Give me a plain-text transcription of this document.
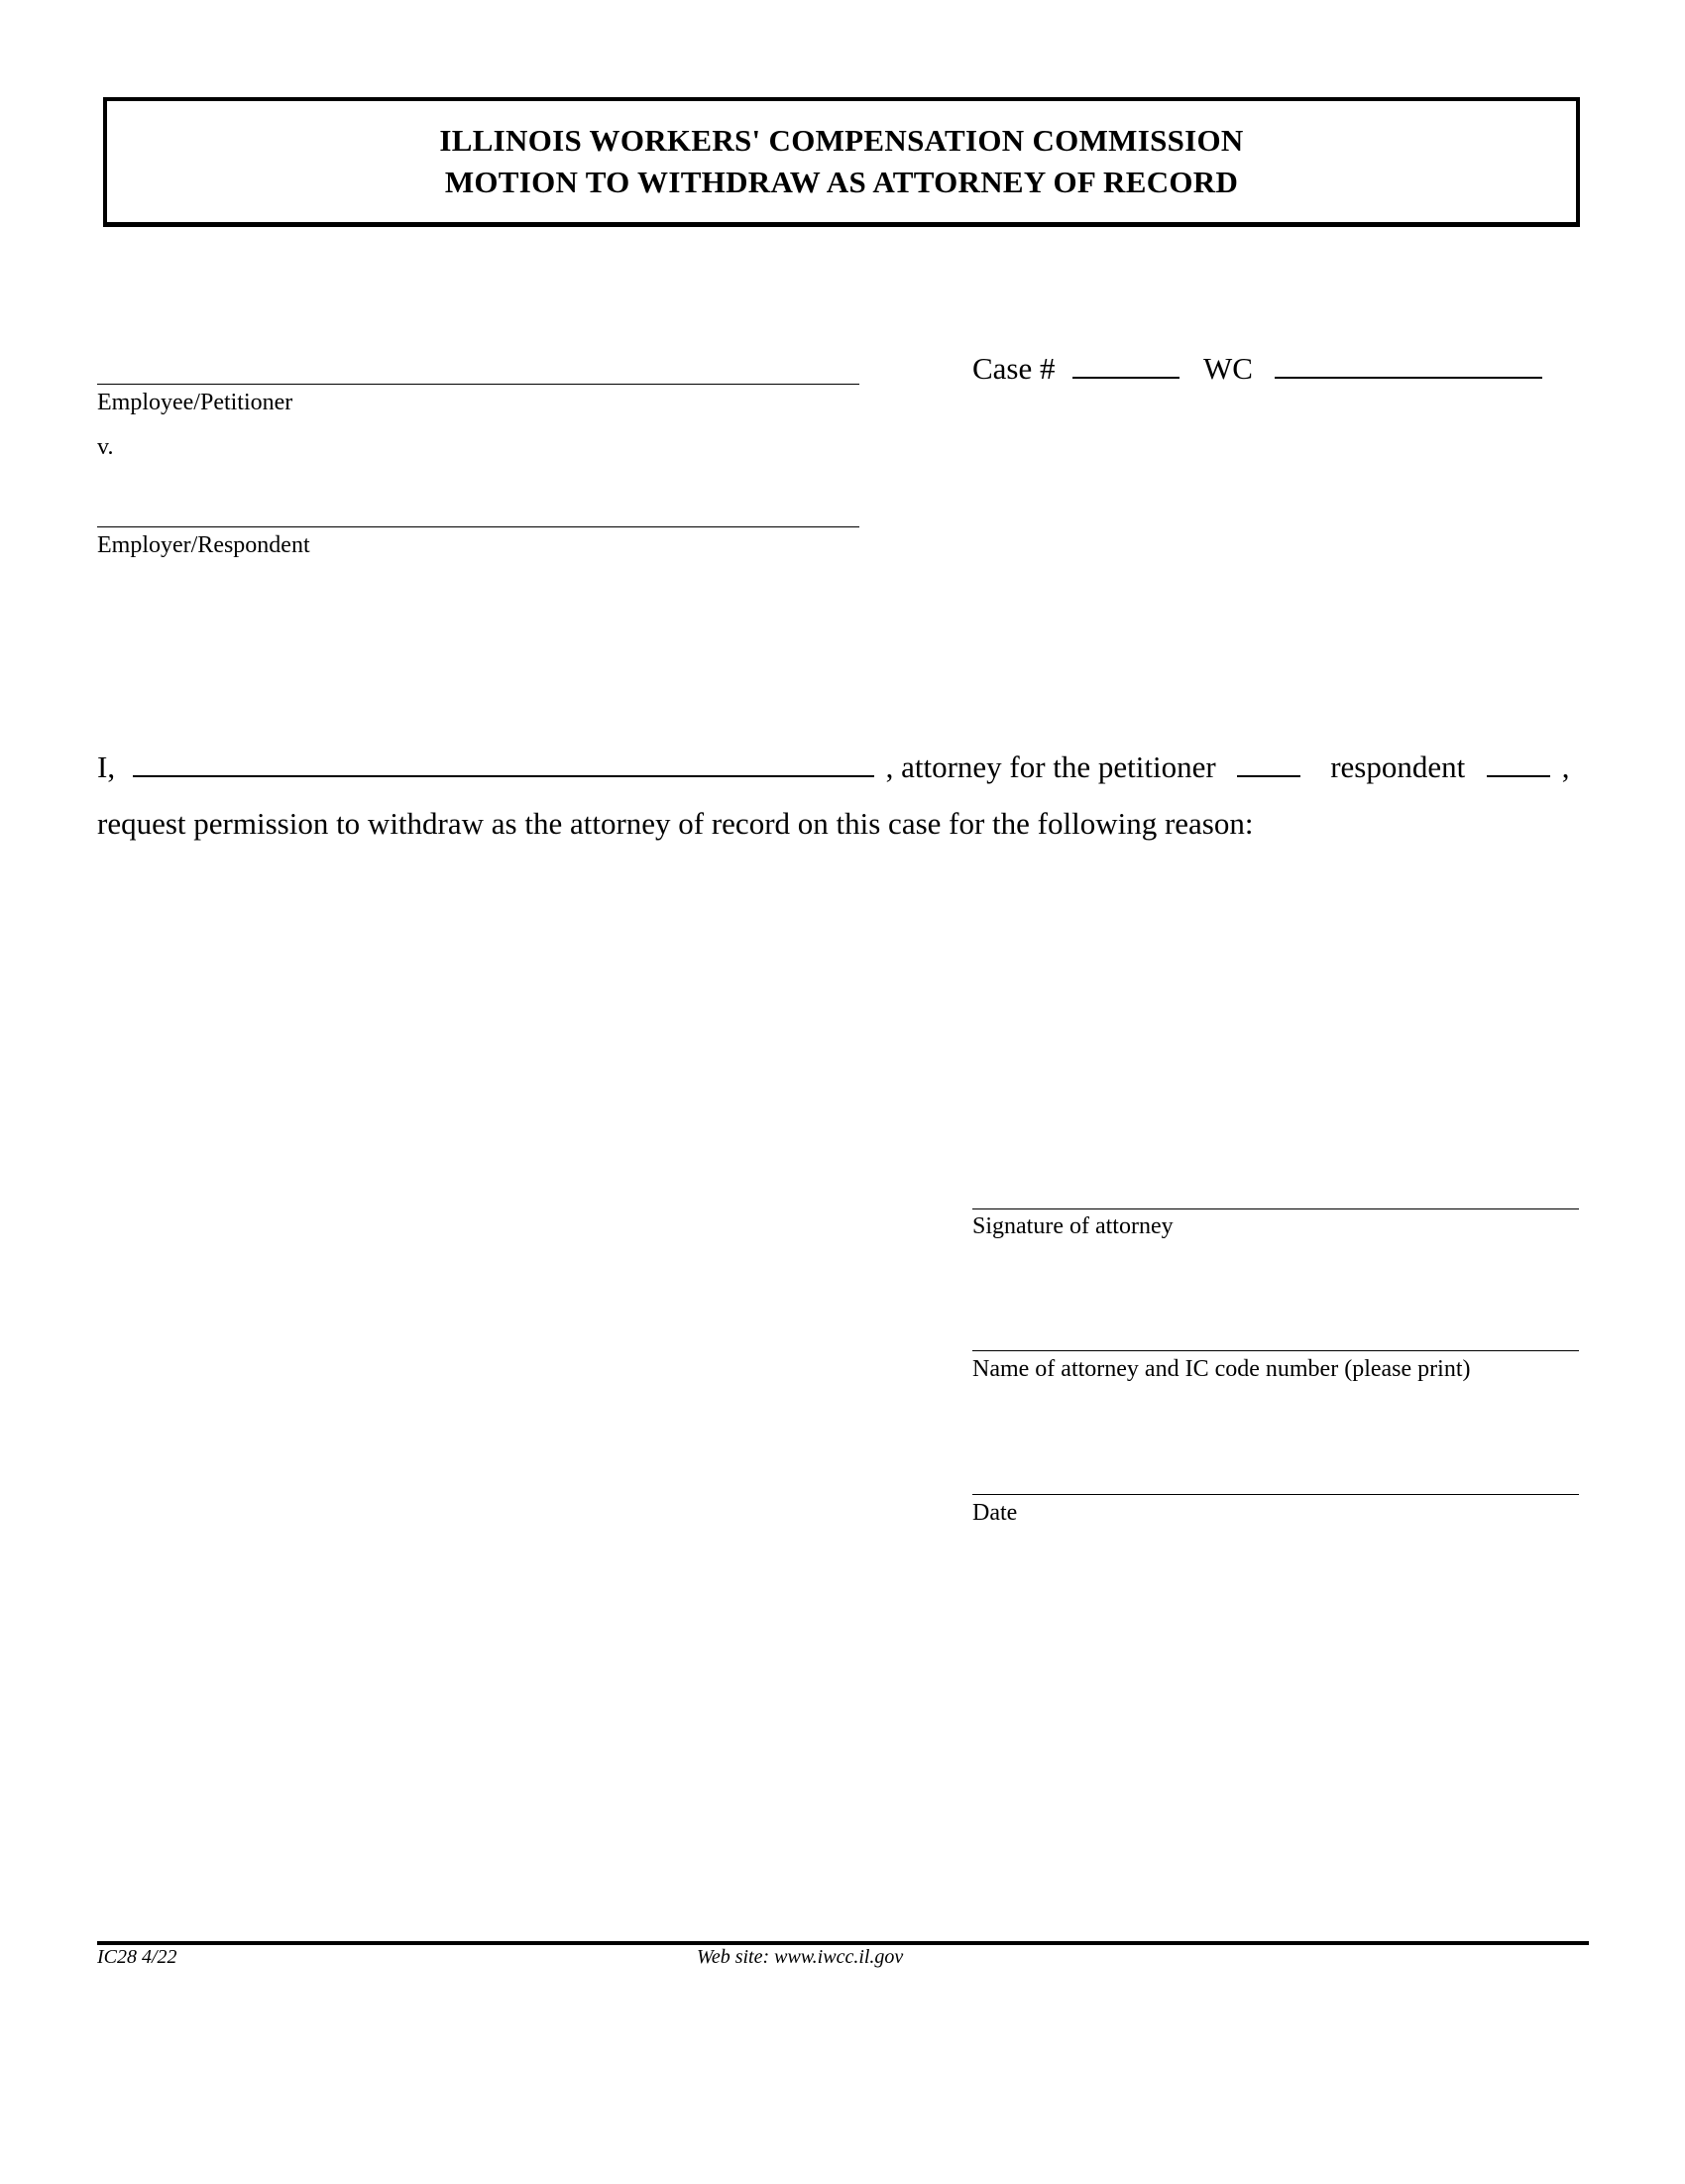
ILLINOIS WORKERS' COMPENSATION COMMISSION
MOTION TO WITHDRAW AS ATTORNEY OF RECORD
Employee/Petitioner
v.
Employer/Respondent
Case #	WC
I,	, attorney for the petitioner	respondent	,
request permission to withdraw as the attorney of record on this case for the following reason:
Signature of attorney
Name of attorney and IC code number (please print)
Date
IC28 4/22	Web site: www.iwcc.il.gov
